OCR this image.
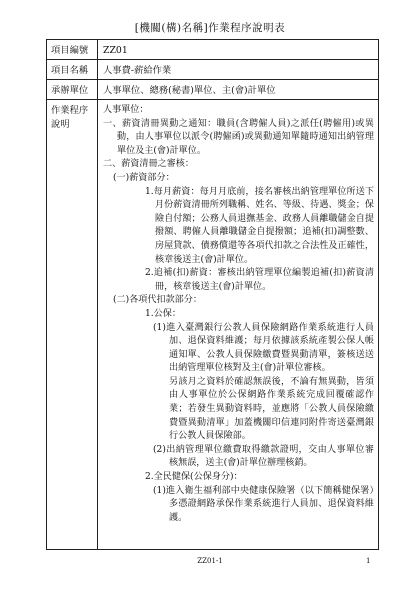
[機關(構)名稱]作業程序說明表
項目編號	ZZ01
項目名稱	人事費-薪給作業
承辦單位	人事單位、總務(秘書)單位、主(會)計單位
作業程序說明

人事單位：

一、薪資清冊異動之通知：職員(含聘僱人員)之派任(聘僱用)或異動，由人事單位以派令(聘僱函)或異動通知單隨時通知出納管理單位及主(會)計單位。

二、薪資清冊之審核：

(一)薪資部分：

1.每月薪資：每月月底前，接名審核出納管理單位所送下月份薪資清冊所列職稱、姓名、等級、待遇、獎金；保險自付額；公務人員退撫基金、政務人員離職儲金自提撥額、聘僱人員離職儲金自提撥額；追補(扣)調整數、房屋貸款、債務償還等各項代扣款之合法性及正確性，核章後送主(會)計單位。

2.追補(扣)薪資：審核出納管理單位編製追補(扣)薪資清冊，核章後送主(會)計單位。

(二)各項代扣款部分：

1.公保：

(1)進入臺灣銀行公教人員保險網路作業系統進行人員加、退保資料維護；每月依據該系統產製公保人帳通知單、公教人員保險繳費暨異動清單，簽核送送出納管理單位核對及主(會)計單位審核。

另該月之資料於確認無誤後，不論有無異動，皆須由人事單位於公保網路作業系統完成回覆確認作業；若發生異動資料時，並應將「公教人員保險繳費暨異動清單」加蓋機關印信連同附件寄送臺灣銀行公教人員保險部。

(2)出納管理單位繳費取得繳款證明，交由人事單位審核無誤，送主(會)計單位辦理核銷。

2.全民健保(公保身分)：

(1)進入衛生福利部中央健康保險署（以下簡稱健保署）多憑證網路承保作業系統進行人員加、退保資料維護。

ZZ01-1	1
